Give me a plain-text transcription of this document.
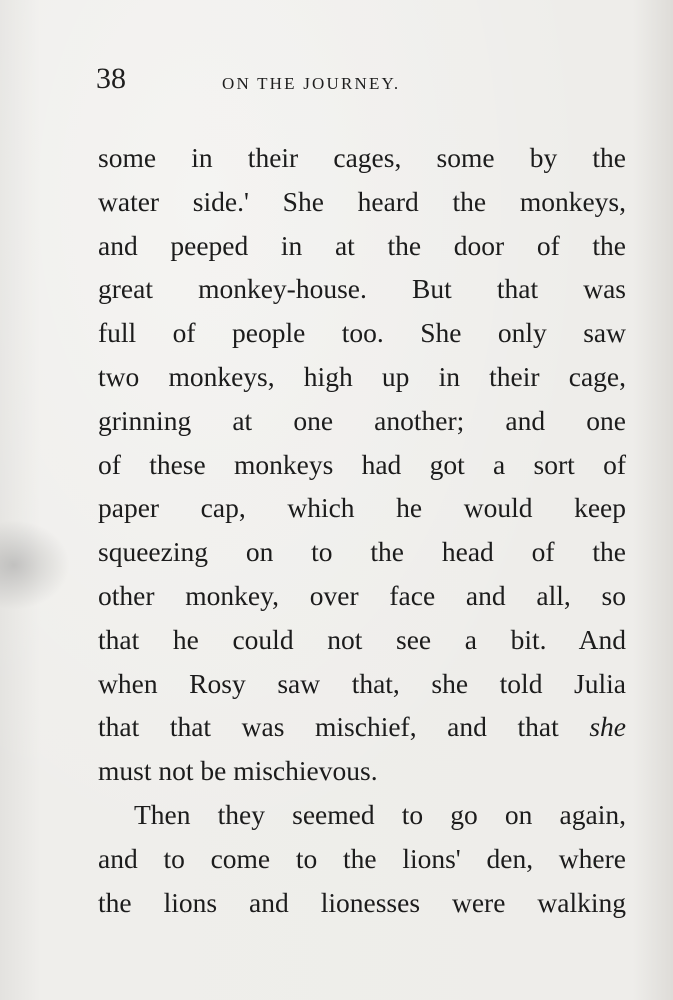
38	ON THE JOURNEY.
some in their cages, some by the
water side.' She heard the monkeys,
and peeped in at the door of the
great monkey-house. But that was
full of people too. She only saw
two monkeys, high up in their cage,
grinning at one another; and one
of these monkeys had got a sort of
paper cap, which he would keep
squeezing on to the head of the
other monkey, over face and all, so
that he could not see a bit. And
when Rosy saw that, she told Julia
that that was mischief, and that she
must not be mischievous.
Then they seemed to go on again,
and to come to the lions' den, where
the lions and lionesses were walking
